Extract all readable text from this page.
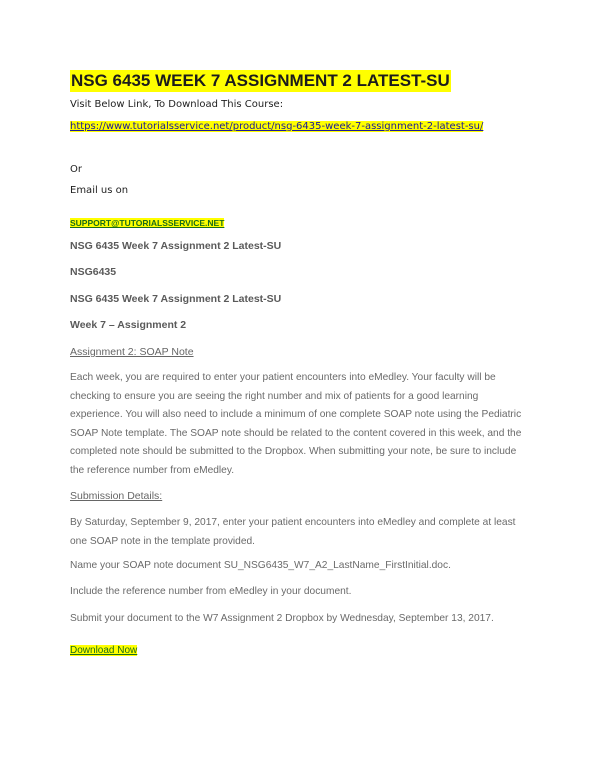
NSG 6435 WEEK 7 ASSIGNMENT 2 LATEST-SU
Visit Below Link, To Download This Course:
https://www.tutorialsservice.net/product/nsg-6435-week-7-assignment-2-latest-su/
Or
Email us on
SUPPORT@TUTORIALSSERVICE.NET
NSG 6435 Week 7 Assignment 2 Latest-SU
NSG6435
NSG 6435 Week 7 Assignment 2 Latest-SU
Week 7 – Assignment 2
Assignment 2: SOAP Note

Each week, you are required to enter your patient encounters into eMedley. Your faculty will be checking to ensure you are seeing the right number and mix of patients for a good learning experience. You will also need to include a minimum of one complete SOAP note using the Pediatric SOAP Note template. The SOAP note should be related to the content covered in this week, and the completed note should be submitted to the Dropbox. When submitting your note, be sure to include the reference number from eMedley.

Submission Details:

By Saturday, September 9, 2017, enter your patient encounters into eMedley and complete at least one SOAP note in the template provided.

Name your SOAP note document SU_NSG6435_W7_A2_LastName_FirstInitial.doc.
Include the reference number from eMedley in your document.
Submit your document to the W7 Assignment 2 Dropbox by Wednesday, September 13, 2017.
Download Now
